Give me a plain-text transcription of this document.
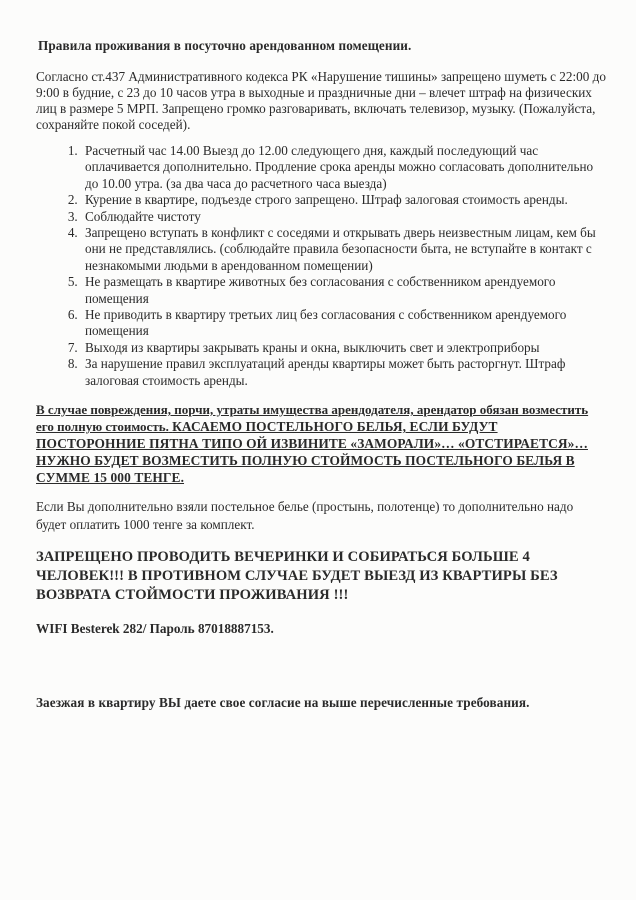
Правила проживания в посуточно арендованном помещении.
Согласно ст.437 Административного кодекса РК «Нарушение тишины» запрещено шуметь с 22:00 до 9:00 в будние, с 23 до 10 часов утра в выходные и праздничные дни – влечет штраф на физических лиц в размере 5 МРП. Запрещено громко разговаривать, включать телевизор, музыку. (Пожалуйста, сохраняйте покой соседей).
1. Расчетный час 14.00 Выезд до 12.00 следующего дня, каждый последующий час оплачивается дополнительно. Продление срока аренды можно согласовать дополнительно до 10.00 утра. (за два часа до расчетного часа выезда)
2. Курение в квартире, подъезде строго запрещено. Штраф залоговая стоимость аренды.
3. Соблюдайте чистоту
4. Запрещено вступать в конфликт с соседями и открывать дверь неизвестным лицам, кем бы они не представлялись. (соблюдайте правила безопасности быта, не вступайте в контакт с незнакомыми людьми в арендованном помещении)
5. Не размещать в квартире животных без согласования с собственником арендуемого помещения
6. Не приводить в квартиру третьих лиц без согласования с собственником арендуемого помещения
7. Выходя из квартиры закрывать краны и окна, выключить свет и электроприборы
8. За нарушение правил эксплуатаций аренды квартиры может быть расторгнут. Штраф залоговая стоимость аренды.
В случае повреждения, порчи, утраты имущества арендодателя, арендатор обязан возместить его полную стоимость. КАСАЕМО ПОСТЕЛЬНОГО БЕЛЬЯ, ЕСЛИ БУДУТ ПОСТОРОННИЕ ПЯТНА ТИПО ОЙ ИЗВИНИТЕ «ЗАМОРАЛИ»… «ОТСТИРАЕТСЯ»… НУЖНО БУДЕТ ВОЗМЕСТИТЬ ПОЛНУЮ СТОЙМОСТЬ ПОСТЕЛЬНОГО БЕЛЬЯ В СУММЕ 15 000 ТЕНГЕ.
Если Вы дополнительно взяли постельное белье (простынь, полотенце) то дополнительно надо будет оплатить 1000 тенге за комплект.
ЗАПРЕЩЕНО ПРОВОДИТЬ ВЕЧЕРИНКИ И СОБИРАТЬСЯ БОЛЬШЕ 4 ЧЕЛОВЕК!!! В ПРОТИВНОМ СЛУЧАЕ БУДЕТ ВЫЕЗД ИЗ КВАРТИРЫ БЕЗ ВОЗВРАТА СТОЙМОСТИ ПРОЖИВАНИЯ !!!
WIFI Besterek 282/ Пароль 87018887153.
Заезжая в квартиру ВЫ даете свое согласие на выше перечисленные требования.
